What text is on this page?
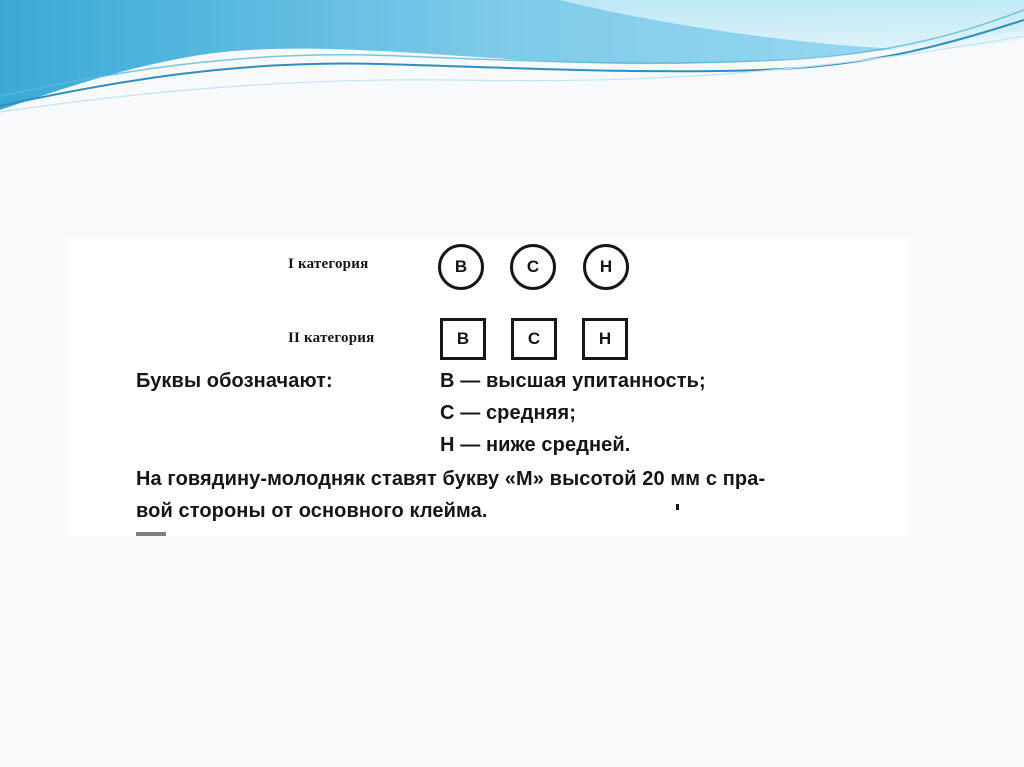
I категория	В	С	Н
II категория	В	С	Н
Буквы обозначают:	В — высшая упитанность;
С — средняя;
Н — ниже средней.
На говядину-молодняк ставят букву «М» высотой 20 мм с пра-
вой стороны от основного клейма.
